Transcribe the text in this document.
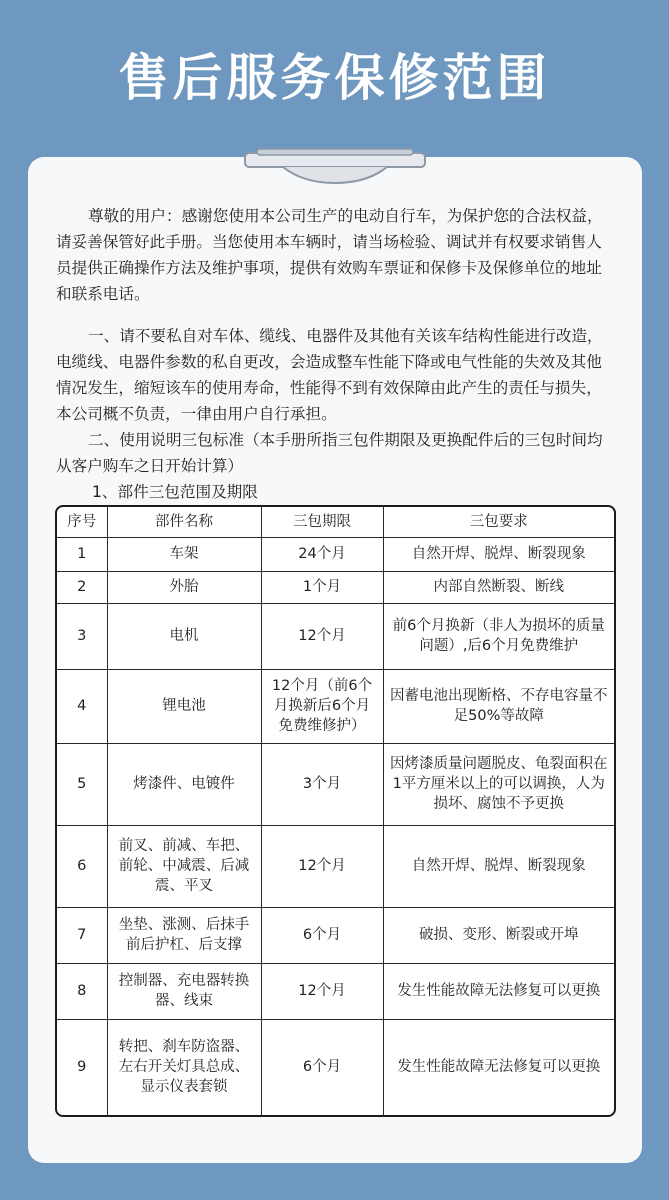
售后服务保修范围

尊敬的用户：感谢您使用本公司生产的电动自行车，为保护您的合法权益，请妥善保管好此手册。当您使用本车辆时，请当场检验、调试并有权要求销售人员提供正确操作方法及维护事项，提供有效购车票证和保修卡及保修单位的地址和联系电话。

一、请不要私自对车体、缆线、电器件及其他有关该车结构性能进行改造，电缆线、电器件参数的私自更改，会造成整车性能下降或电气性能的失效及其他情况发生，缩短该车的使用寿命，性能得不到有效保障由此产生的责任与损失，本公司概不负责，一律由用户自行承担。

二、使用说明三包标准（本手册所指三包件期限及更换配件后的三包时间均从客户购车之日开始计算）

1、部件三包范围及期限

序号	部件名称	三包期限	三包要求
1	车架	24个月	自然开焊、脱焊、断裂现象
2	外胎	1个月	内部自然断裂、断线
3	电机	12个月	前6个月换新（非人为损坏的质量问题）,后6个月免费维护
4	锂电池	12个月（前6个月换新后6个月免费维修护）	因蓄电池出现断格、不存电容量不足50%等故障
5	烤漆件、电镀件	3个月	因烤漆质量问题脱皮、龟裂面积在1平方厘米以上的可以调换，人为损坏、腐蚀不予更换
6	前叉、前减、车把、前轮、中减震、后减震、平叉	12个月	自然开焊、脱焊、断裂现象
7	坐垫、涨测、后抹手前后护杠、后支撑	6个月	破损、变形、断裂或开埠
8	控制器、充电器转换器、线束	12个月	发生性能故障无法修复可以更换
9	转把、刹车防盗器、左右开关灯具总成、显示仪表套锁	6个月	发生性能故障无法修复可以更换
